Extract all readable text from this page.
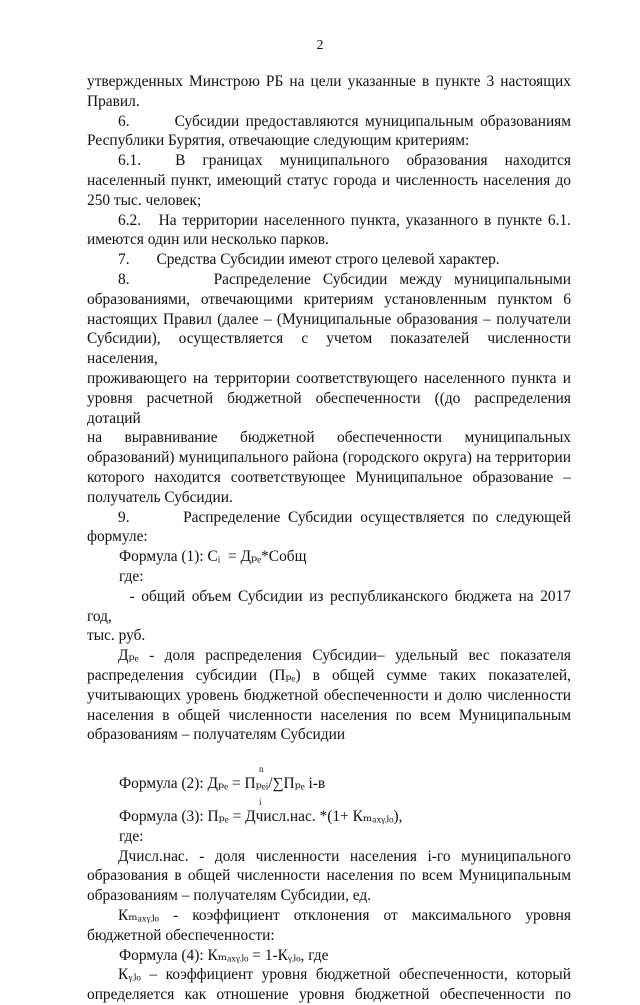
2

утвержденных Минстрою РБ на цели указанные в пункте 3 настоящих

Правил.

6.       Субсидии предоставляются муниципальным образованиям

Республики Бурятия, отвечающие следующим критериям:

6.1.  В границах муниципального образования находится

населенный пункт, имеющий статус города и численность населения до

250 тыс. человек;

6.2.   На территории населенного пункта, указанного в пункте 6.1.

имеются один или несколько парков.

7.       Средства Субсидии имеют строго целевой характер.

8.       Распределение Субсидии между муниципальными

образованиями, отвечающими критериям установленным пунктом 6

настоящих Правил (далее – (Муниципальные образования – получатели

Субсидии), осуществляется с учетом показателей численности населения,

проживающего на территории соответствующего населенного пункта и

уровня расчетной бюджетной обеспеченности ((до распределения дотаций

на выравнивание бюджетной обеспеченности муниципальных

образований) муниципального района (городского округа) на территории

которого находится соответствующее Муниципальное образование –

получатель Субсидии.

9.       Распределение Субсидии осуществляется по следующей

формуле:

Формула (1): Сᵢ  = Дₚₑ*Собщ

где:

- общий объем Субсидии из республиканского бюджета на 2017 год,

тыс. руб.

Дₚₑ - доля распределения Субсидии– удельный вес показателя

распределения субсидии (Пₚₑ) в общей сумме таких показателей,

учитывающих уровень бюджетной обеспеченности и долю численности

населения в общей численности населения по всем Муниципальным

образованиям – получателям Субсидии

n
Формула (2): Дₚₑ = Пₚₑᵢ/∑Пₚₑ i-в
i

Формула (3): Пₚₑ = Дчисл.нас. *(1+ Кₘₐₓᵧⱼₒ),

где:

Дчисл.нас. - доля численности населения i-го муниципального

образования в общей численности населения по всем Муниципальным

образованиям – получателям Субсидии, ед.

Кₘₐₓᵧⱼₒ - коэффициент отклонения от максимального уровня

бюджетной обеспеченности:

Формула (4): Кₘₐₓᵧⱼₒ = 1-Кᵧⱼₒ, где

Кᵧⱼₒ – коэффициент уровня бюджетной обеспеченности, который

определяется как отношение уровня бюджетной обеспеченности по
